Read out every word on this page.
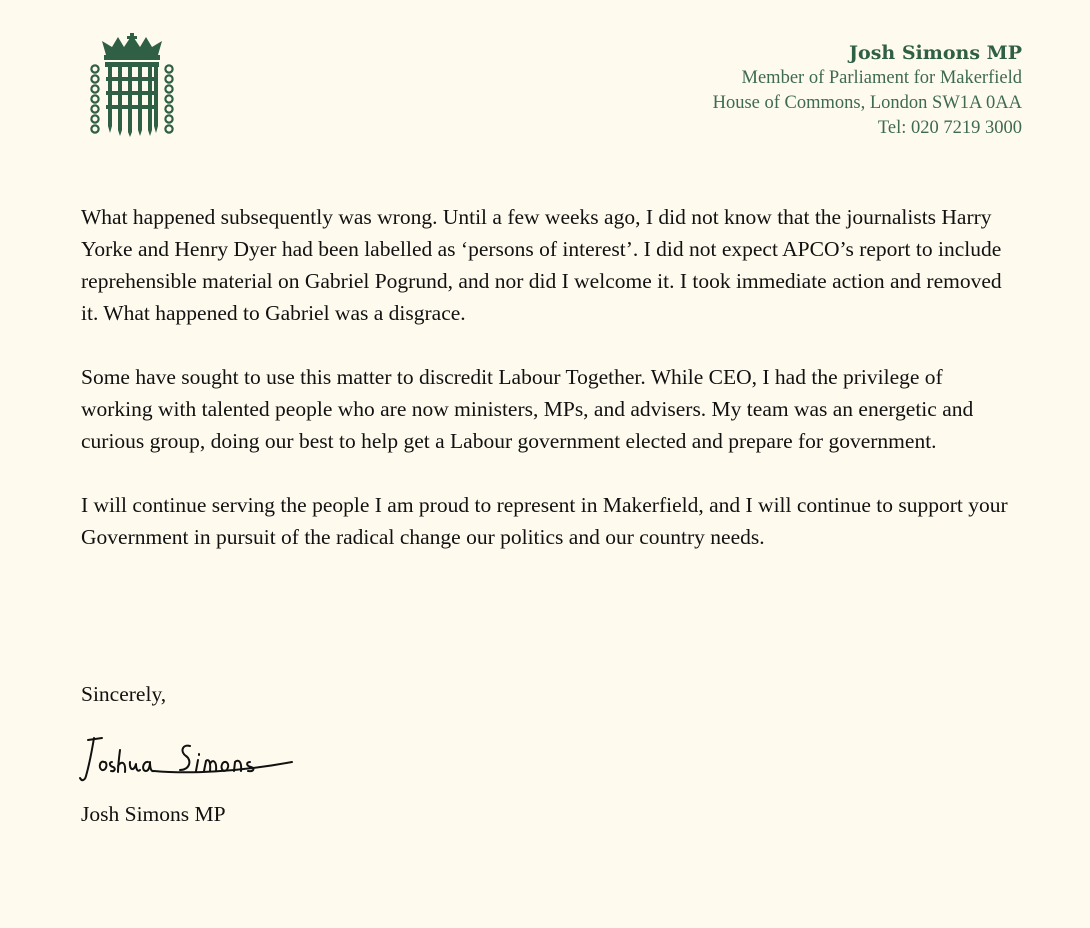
Josh Simons MP
Member of Parliament for Makerfield
House of Commons, London SW1A 0AA
Tel: 020 7219 3000

What happened subsequently was wrong. Until a few weeks ago, I did not know that the journalists Harry Yorke and Henry Dyer had been labelled as ‘persons of interest’. I did not expect APCO’s report to include reprehensible material on Gabriel Pogrund, and nor did I welcome it. I took immediate action and removed it. What happened to Gabriel was a disgrace.

Some have sought to use this matter to discredit Labour Together. While CEO, I had the privilege of working with talented people who are now ministers, MPs, and advisers. My team was an energetic and curious group, doing our best to help get a Labour government elected and prepare for government.

I will continue serving the people I am proud to represent in Makerfield, and I will continue to support your Government in pursuit of the radical change our politics and our country needs.

Sincerely,
Josh Simons MP
